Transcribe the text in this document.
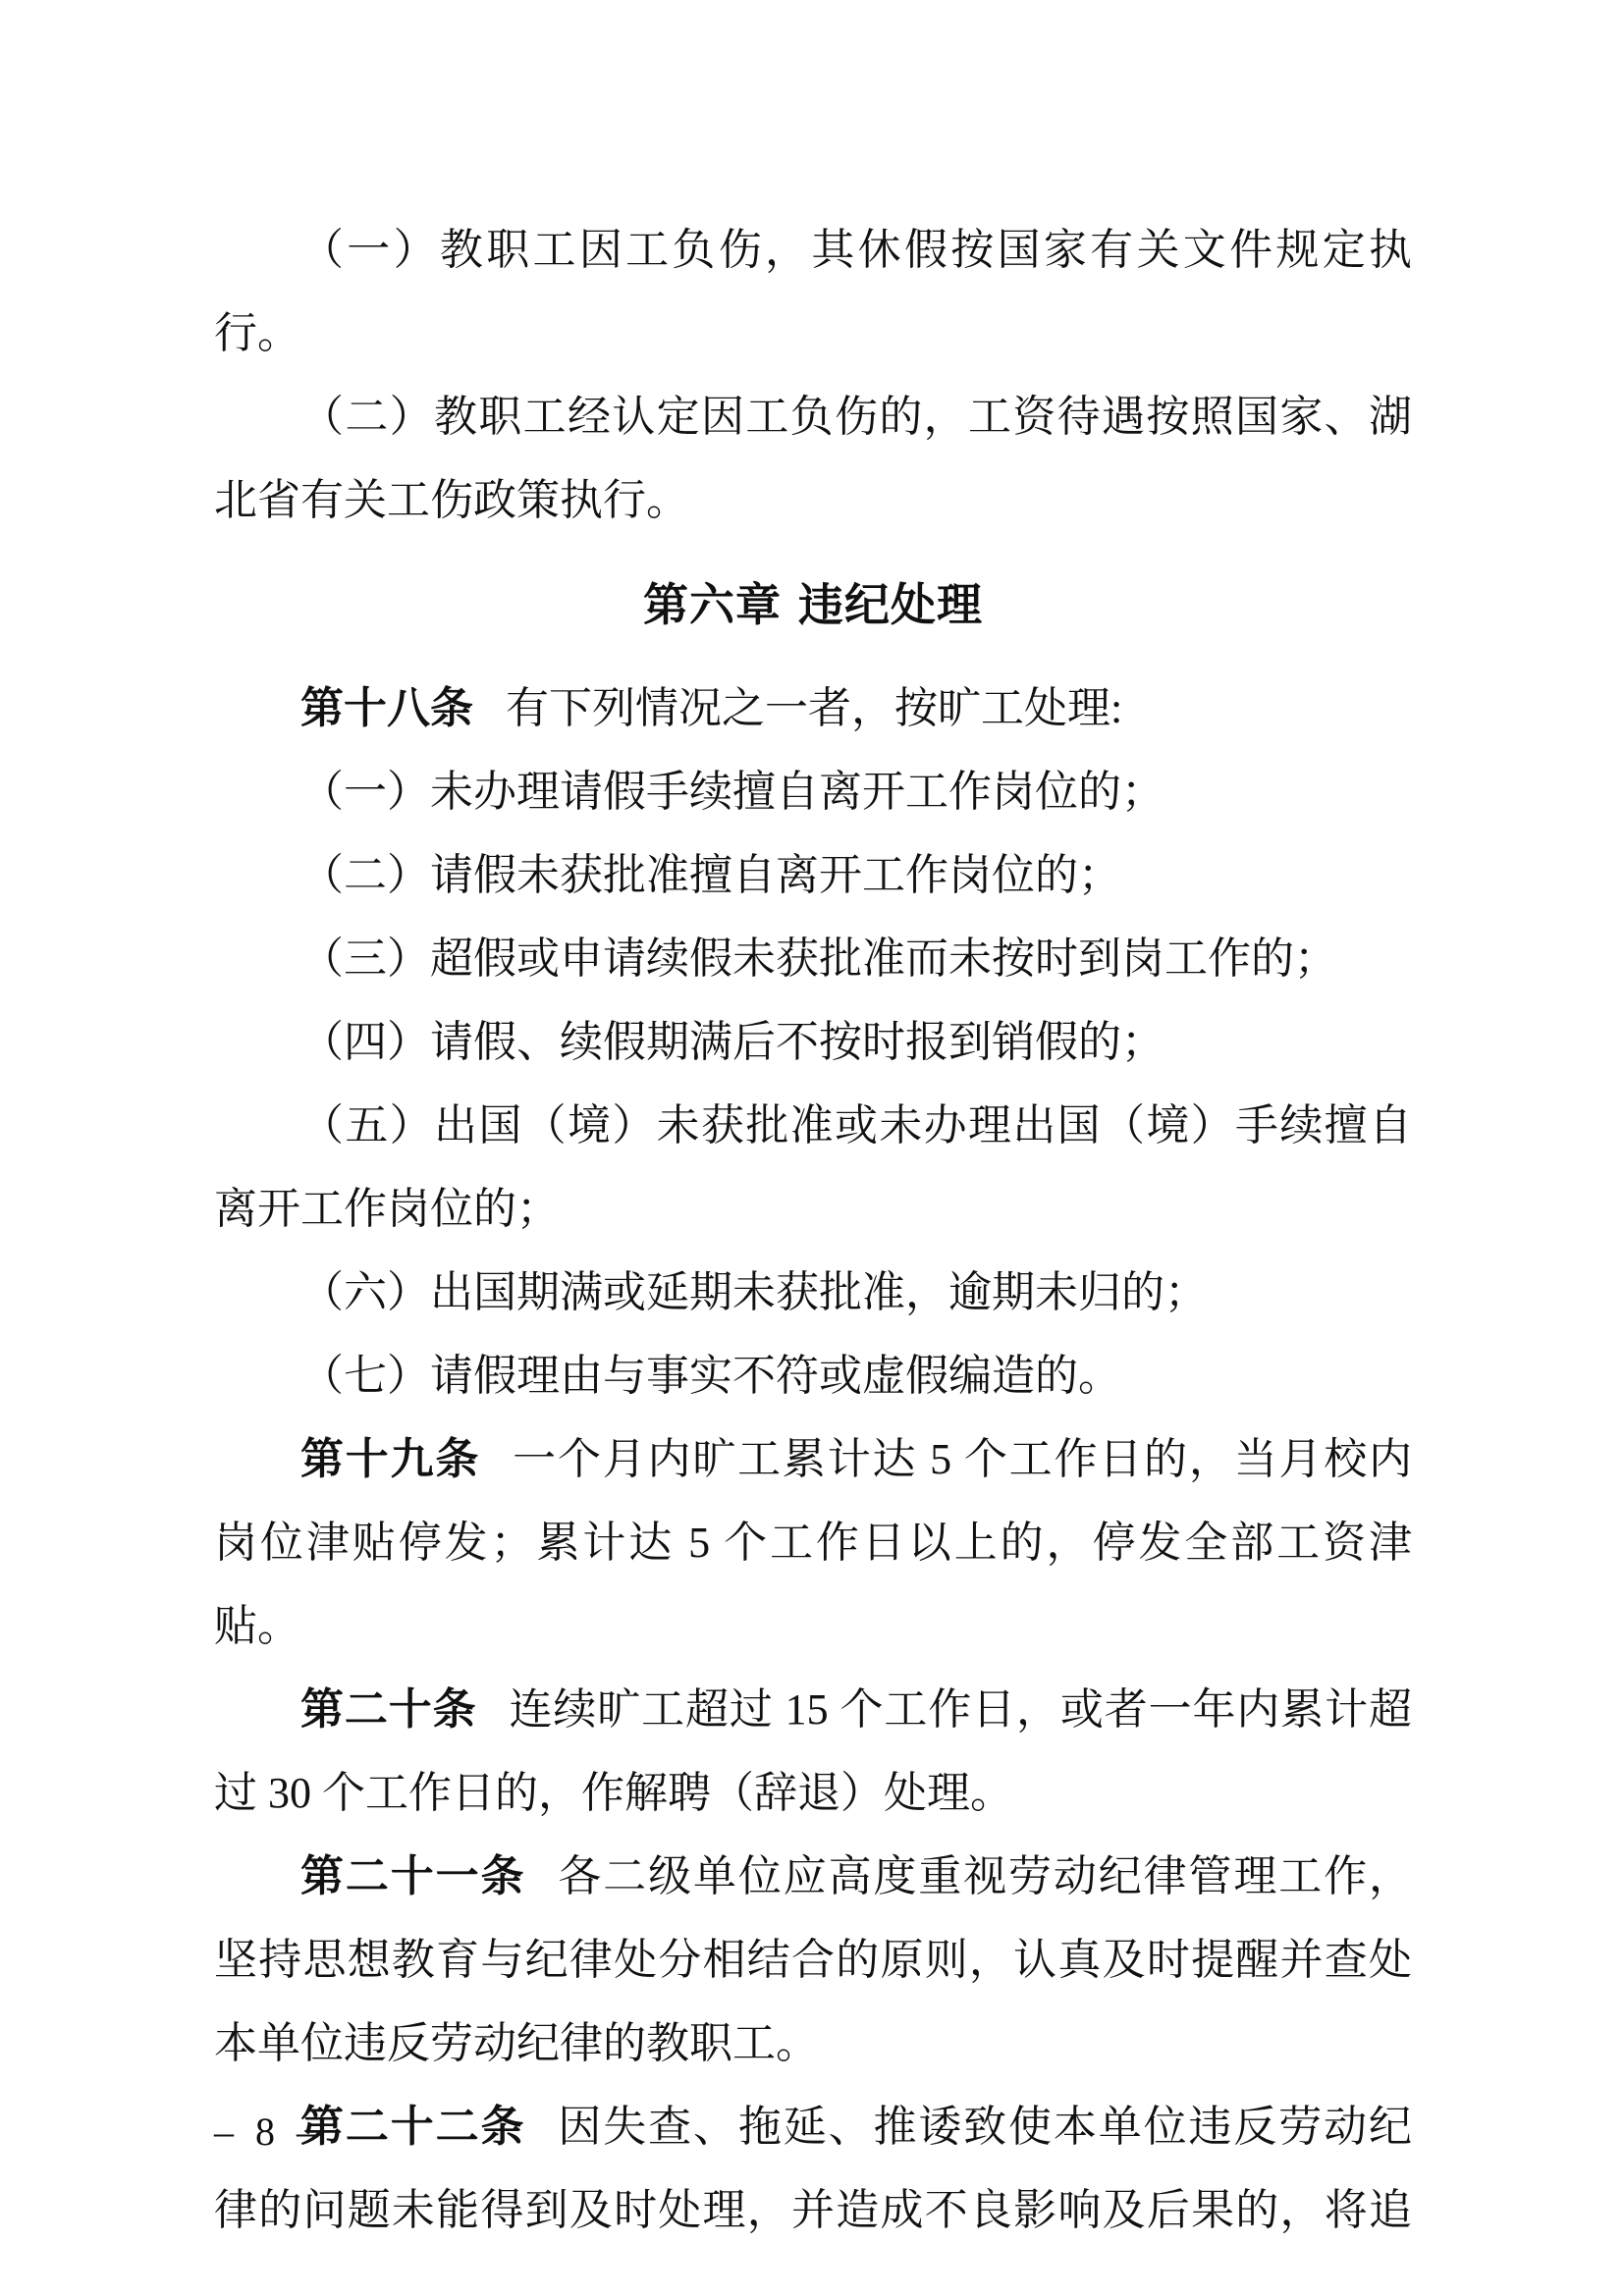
（一）教职工因工负伤，其休假按国家有关文件规定执行。

（二）教职工经认定因工负伤的，工资待遇按照国家、湖北省有关工伤政策执行。

第六章 违纪处理

第十八条 有下列情况之一者，按旷工处理:

（一）未办理请假手续擅自离开工作岗位的；

（二）请假未获批准擅自离开工作岗位的；

（三）超假或申请续假未获批准而未按时到岗工作的；

（四）请假、续假期满后不按时报到销假的；

（五）出国（境）未获批准或未办理出国（境）手续擅自离开工作岗位的；

（六）出国期满或延期未获批准，逾期未归的；

（七）请假理由与事实不符或虚假编造的。

第十九条 一个月内旷工累计达 5 个工作日的，当月校内岗位津贴停发；累计达 5 个工作日以上的，停发全部工资津贴。

第二十条 连续旷工超过 15 个工作日，或者一年内累计超过 30 个工作日的，作解聘（辞退）处理。

第二十一条 各二级单位应高度重视劳动纪律管理工作，坚持思想教育与纪律处分相结合的原则，认真及时提醒并查处本单位违反劳动纪律的教职工。

第二十二条 因失查、拖延、推诿致使本单位违反劳动纪律的问题未能得到及时处理，并造成不良影响及后果的，将追

– 8 –
